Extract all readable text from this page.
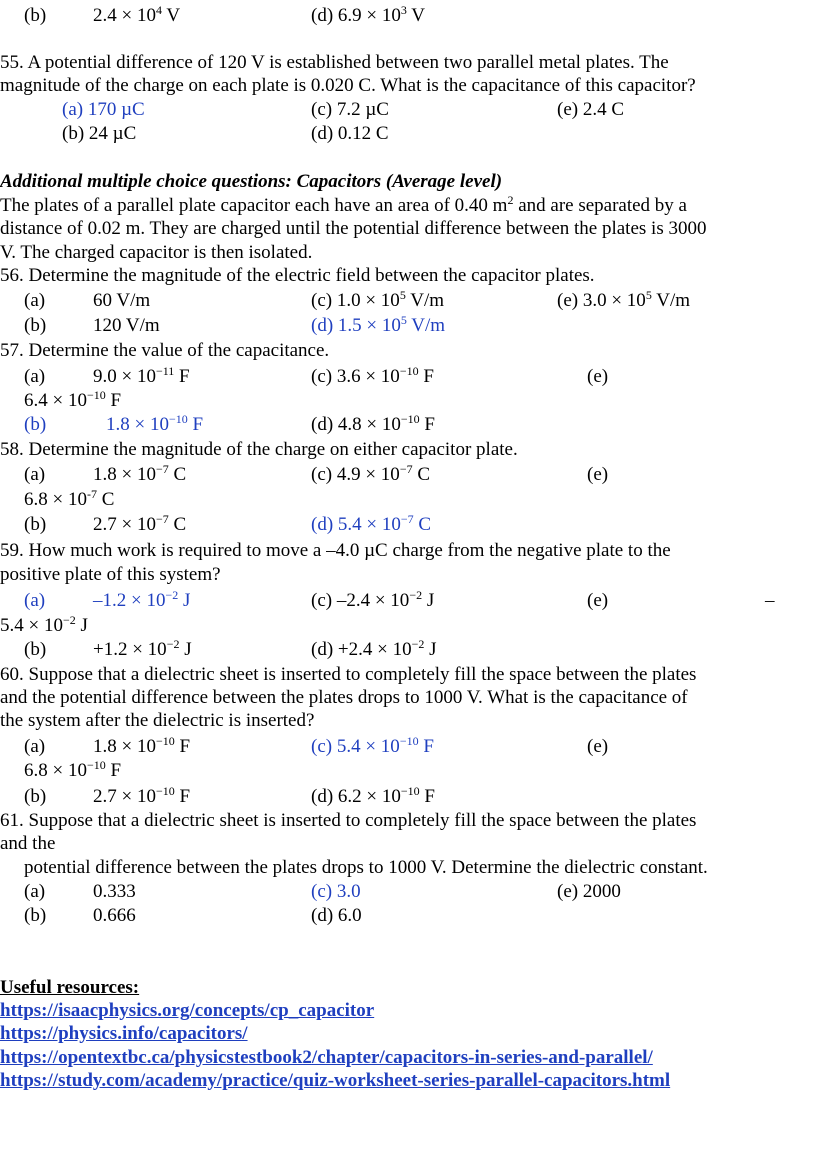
(b) $2.4 \times 10^4$ V	(d) $6.9 \times 10^3$ V
55. A potential difference of 120 V is established between two parallel metal plates. The
magnitude of the charge on each plate is 0.020 C. What is the capacitance of this capacitor?
(a) 170 µC	(c) 7.2 µC	(e) 2.4 C
(b) 24 µC	(d) 0.12 C
Additional multiple choice questions: Capacitors (Average level)
The plates of a parallel plate capacitor each have an area of 0.40 $m^2$ and are separated by a
distance of 0.02 m. They are charged until the potential difference between the plates is 3000
V. The charged capacitor is then isolated.
56. Determine the magnitude of the electric field between the capacitor plates.
(a)	60 V/m	(c) $1.0 \times 10^5$ V/m	(e) $3.0 \times 10^5$ V/m
(b) 120 V/m	(d) $1.5 \times 10^5$ V/m
57. Determine the value of the capacitance.
(a)	$9.0 \times 10^{-11}$ F	(c) $3.6 \times 10^{-10}$ F	(e)
$6.4 \times 10^{-10}$ F
(b)	$1.8 \times 10^{-10}$ F	(d) $4.8 \times 10^{-10}$ F
58. Determine the magnitude of the charge on either capacitor plate.
(a)	$1.8 \times 10^{-7}$ C	(c) $4.9 \times 10^{-7}$ C	(e)
$6.8 \times 10^{-7}$ C
(b) $2.7 \times 10^{-7}$ C	(d) $5.4 \times 10^{-7}$ C
59. How much work is required to move a –4.0 µC charge from the negative plate to the
positive plate of this system?
(a)	$-1.2 \times 10^{-2}$ J	(c) $-2.4 \times 10^{-2}$ J	(e)	–
$5.4 \times 10^{-2}$ J
$(b) +1.2 \times 10^{-2}$ J	$(d) +2.4 \times 10^{-2}$ J
60. Suppose that a dielectric sheet is inserted to completely fill the space between the plates
and the potential difference between the plates drops to 1000 V. What is the capacitance of
the system after the dielectric is inserted?
(a)	$1.8 \times 10^{-10}$ F	(c) $5.4 \times 10^{-10}$ F	(e)
$6.8 \times 10^{-10}$ F
(b) $2.7 \times 10^{-10}$ F	(d) $6.2 \times 10^{-10}$ F
61. Suppose that a dielectric sheet is inserted to completely fill the space between the plates
and the
potential difference between the plates drops to 1000 V. Determine the dielectric constant.
(a)	0.333	(c) 3.0	(e) 2000
(b) 0.666	(d) 6.0
Useful resources:
https://isaacphysics.org/concepts/cp_capacitor
https://physics.info/capacitors/
https://opentextbc.ca/physicstestbook2/chapter/capacitors-in-series-and-parallel/
https://study.com/academy/practice/quiz-worksheet-series-parallel-capacitors.html
